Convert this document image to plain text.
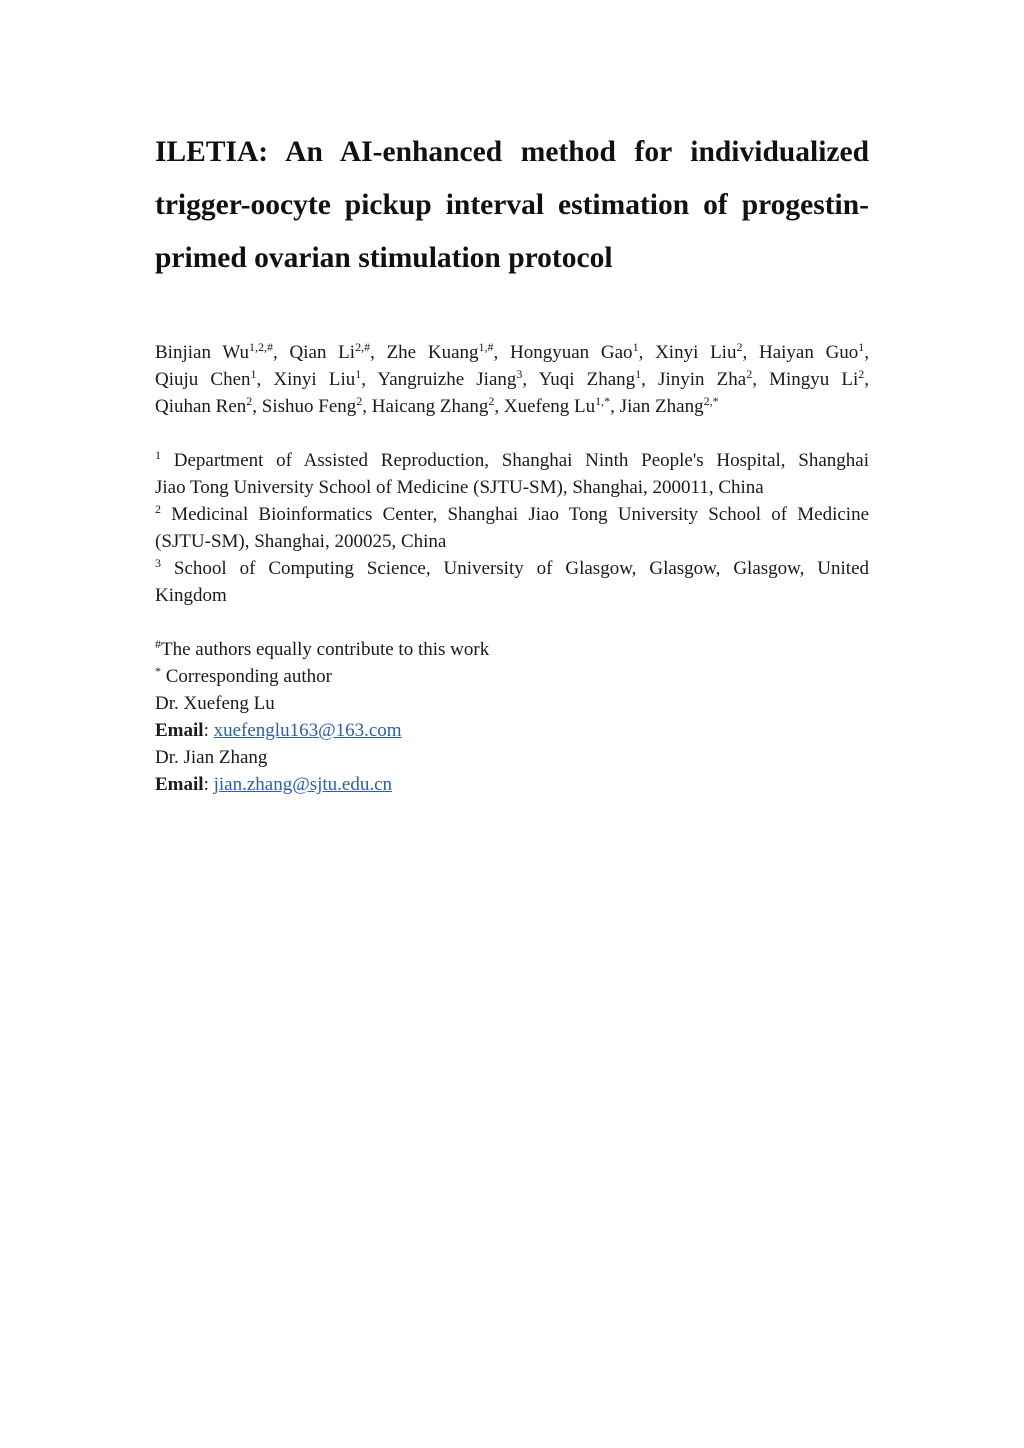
ILETIA: An AI-enhanced method for individualized
trigger-oocyte pickup interval estimation of progestin-
primed ovarian stimulation protocol
Binjian $Wu^{1,2,\#}$, Qian $Li^{2,\#}$, Zhe Kuang$^{1,\#}$, Hongyuan Gao$^1$, Xinyi Liu$^2$, Haiyan Guo$^1$,
Qiuju Chen$^1$, Xinyi Liu$^1$, Yangruizhe Jiang$^3$, Yuqi Zhang$^1$, Jinyin Zha$^2$, Mingyu Li$^2$,
Qiuhan Ren$^2$, Sishuo Feng$^2$, Haicang Zhang$^2$, Xuefeng $Lu^{1,*}$, Jian Zhang$^{2,*}$
$^1$ Department of Assisted Reproduction, Shanghai Ninth People's Hospital, Shanghai
Jiao Tong University School of Medicine (SJTU-SM), Shanghai, 200011, China
$^2$ Medicinal Bioinformatics Center, Shanghai Jiao Tong University School of Medicine
(SJTU-SM), Shanghai, 200025, China
$^3$ School of Computing Science, University of Glasgow, Glasgow, Glasgow, United
Kingdom
#The authors equally contribute to this work
* Corresponding author
Dr. Xuefeng Lu
Email: xuefenglu163@163.com
Dr. Jian Zhang
Email: jian.zhang@sjtu.edu.cn
